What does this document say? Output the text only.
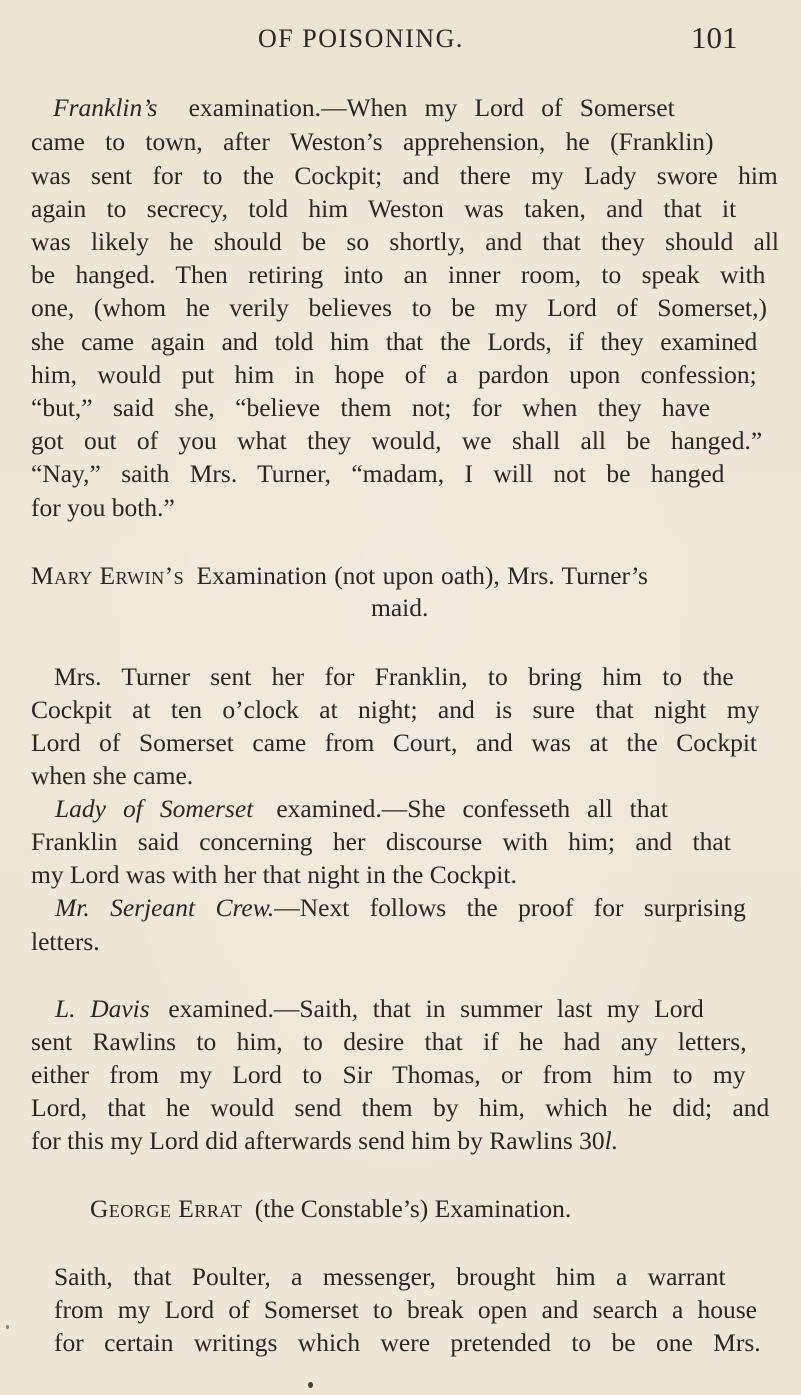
OF POISONING.	101
Franklin’s examination.—When my Lord of Somerset
came to town, after Weston’s apprehension, he (Franklin)
was sent for to the Cockpit; and there my Lady swore him
again to secrecy, told him Weston was taken, and that it
was likely he should be so shortly, and that they should all
be hanged. Then retiring into an inner room, to speak with
one, (whom he verily believes to be my Lord of Somerset,)
she came again and told him that the Lords, if they examined
him, would put him in hope of a pardon upon confession;
“but,” said she, “believe them not; for when they have
got out of you what they would, we shall all be hanged.”
“Nay,” saith Mrs. Turner, “madam, I will not be hanged
for you both.”
Mary Erwin’s Examination (not upon oath), Mrs. Turner’s
maid.
Mrs. Turner sent her for Franklin, to bring him to the
Cockpit at ten o’clock at night; and is sure that night my
Lord of Somerset came from Court, and was at the Cockpit
when she came.
Lady of Somerset examined.—She confesseth all that
Franklin said concerning her discourse with him; and that
my Lord was with her that night in the Cockpit.
Mr. Serjeant Crew.—Next follows the proof for surprising
letters.
L. Davis examined.—Saith, that in summer last my Lord
sent Rawlins to him, to desire that if he had any letters,
either from my Lord to Sir Thomas, or from him to my
Lord, that he would send them by him, which he did; and
for this my Lord did afterwards send him by Rawlins 30l.
George Errat (the Constable’s) Examination.
Saith, that Poulter, a messenger, brought him a warrant
from my Lord of Somerset to break open and search a house
for certain writings which were pretended to be one Mrs.
